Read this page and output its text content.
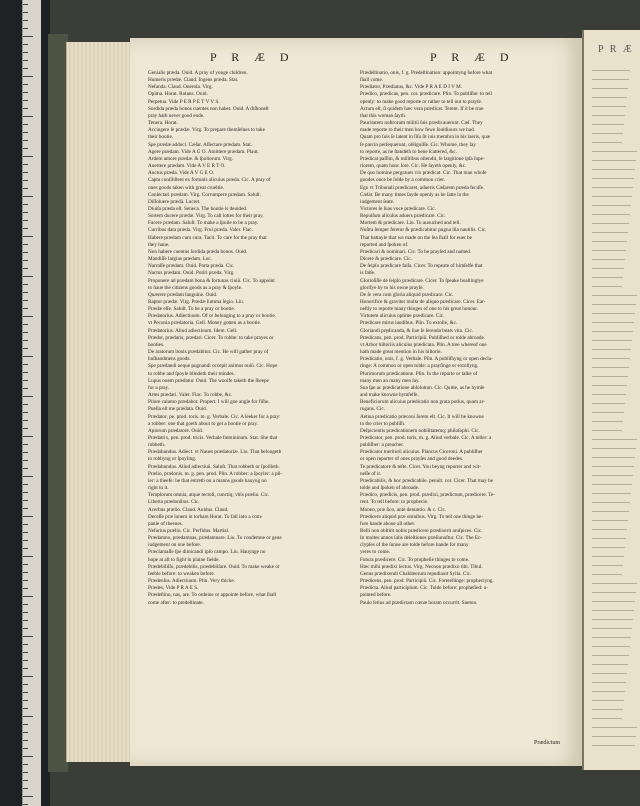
P R Æ D	P R Æ D
Genialis præda. Ouid. A pray of yonge children.
Humeris prædæ. Claud. Ingens præda. Stat.
Nefanda. Claud. Oneroſa. Virg.
Opima. Horat. Rotans. Ouid.
Perpetua. Vide P E R P E T V V S.
Sordida præda bonos cuentes non habet. Ouid. A diſhoneſt
pray hath never good ende.
Tenera. Horat.
Accingere ſe prædæ. Virg. To prepare themſelues to take
their bootie.
Spe prædæ adduci. Cæſar. Aſſectare prædam. Stat.
Agere prædam. Vide A G O. Amittere prædam. Plaut.
Ardere amore prædæ. & ſpoliorum. Virg.
Auertere prædam. Vide A V E R T O.
Auctus præda. Vide A V G E O.
Capta conſiliſtent ex fortunis alicuius præda. Cic. A pray of
ones goods taken with great crueltie.
Conſectari prædam. Virg. Corrumpere prædam. Saluſt.
Diſſoluere prædā. Lucret.
Diuiſa præda eſt. Seneca. The bootie is deuided.
Sortem ducere prædæ. Virg. To caſt lottes for their pray.
Facere prædam. Saluſt. To make a ſpoile to be a pray.
Curribus data præda. Virg. Frui præda. Valer. Flac.
Habere prædam cum cura. Tacit. To care for the pray that
they haue.
Non habere cuentus ſordida præda bonos. Ouid.
Mandiſſe largius prædam. Luc.
Narraſſe prædam. Ouid. Parta præda. Cic.
Nactus prædam. Ouid. Potiri præda. Virg.
Proponere ad prædam bona & fortunas ciuiū. Cic. To appoint
to haue the citizens goods as a pray & ſpoyle.
Quærere prædam ſanguine. Ouid.
Raptor prædæ. Virg. Prædæ ſumma legio. Liu.
Prædæ eſſe. Saluſt. To be a pray or bootie.
Prædatorius. Adiectiuum. Of or belonging to a pray or bootie.
vt Pecunia prædatoria. Gell. Money gotten as a bootie.
Prædatorius. Aliud adiectiuum. Idem. Gell.
Prædor, prædaris, prædari. Cicer. To robbe: to take prayes or
booties.
De aratorum bonis prædabitur. Cic. He will gather pray of
huſbandmens goods.
Spe prædandi neque pugnandi occepit animos ouiū. Cic. Hope
to robbe and ſpoyle blindeth their mindes.
Lupus ouem prædatur. Ouid. The woolfe taketh the ſheepe
for a pray.
Artes prædari. Valer. Flac. To robbe, &c.
Pilore calamo prædabor. Propert. I will goe angle for fiſhe.
Puella eſt me prædata. Ouid.
Prædator, pe. prod. toris. m. g. Verbale. Cic. A ſeeker for a pray:
a robber: one that goeth about to get a bootie or pray.
Apiorum prædatore. Ouid.
Prædatrix, pen. prod. tricis. Verbale fœmininum. Stat. She that
robbeth.
Prædabundus. Adiect. vt Naues prædatoriæ. Liu. That belongeth
to robbyng or ſpoyling.
Prædabundus. Aliud adiectiuū. Saluſt. That robbeth or ſpoilleth.
Prælio, prælonis. m. g. pen. prod. Plin. A robber: a ſpoyler: a pil-
ler: a theefe: he that entreth on a manns goods hauyng no
right to it.
Templorum omnia, atque tectoſi, cunctiq; vbis prælio. Cic.
Liberta prædonibus. Cic.
Acerbus prælio. Claud. Auidus. Claud.
Deceſſe præ lonem in torbam Horat. To fall into a com-
panie of theeues.
Nefarius prælio. Cic. Perfidus. Martial.
Prædamno, prædamnas, prædamnare. Liu. To condemne or geue
iudgement on one before.
Præclamaſſe ſpe dimicandi ipſo campo. Liu. Hauynge no
hope at all to fight in plaine fielde.
Prædebiliſſo, prædebilis, prædebilſare. Ouid. To make weake or
feeble before: to weaken before.
Prædenſus. Adiectiuum. Plin. Very thicke.
Prædes, Vide P R A E S.
Prædeſtino, nas, are. To ordeine or appointe before, what ſhall
come after: to predeſtinate.
Prædeſtinatio, onis, f. g. Predeſtination: appointyng before what
ſhall come.
Prædiator, Prædiatus, &c. Vide P R A E D I V M.
Prædico, prædicas, pen. cor. prædicare. Plin. To publiſhe: to tell
openly: to make good reporte or rather to tell out to prayſe.
Actum eſt, ſi quidem hæc vera prædicat. Terent. If it be true
that this woman ſayth.
Paucitatem noſtrorum militū ſuis prædicauerunt. Cæſ. They
made reporte to their men how fewe ſouldiours we had.
Quam pro ſuis ſe latent in ſiſu ſit inis membra in his laeris, quæ
ſe parcin perſequerunt, obliguiſſe. Cic. Whome, they ſay
to reporte, as he ſtandeth to bene ſcattered, &c.
Prædicat paſſim, & militibus oſtendit, ſe largitione ipſa ſupe-
riorem, quam hunc ſore. Cic. He ſayeth openly, &c.
De quo homine pergraues vix prædicat. Cic. That man whoſe
goodes once be ſolde by a common crier.
Ego vt Tribunali prædicaret, adueris Cæſarem præda fecıſſe.
Cæſar. Be many times ſayde openly as he ſatte in the
iudgement ſeate.
Victores ſe ſuas voce prædicare. Cic.
Repulſum aliculus aduers prædicare. Cic.
Mortem & prædicare. Liu. To auouched and tell.
Noſtra ſemper feretur & prædicabitur pugna illa nautilis. Cic.
That battayle that we made on the ſea ſhall for euer be
reported and ſpoken of.
Prædicari & nominari. Cic. To be prayſed and named.
Dicere & prædicare. Cic.
De ſeipſo prædicare falſa. Cicer. To repeate of himſelfe that
is falſe.
Glorioſiſſe de ſeipſo prædicare. Cicer. To ſpeake boaſtinglye
glorifye by to his owne prayſe.
De ſe vera cum gloria aliquid prædicare. Cic.
Honorifice & graviter multa de aliquo prædicare. Cicer. Ear-
neſtly to reporte many thinges of one to his great honour.
Virtutem alicuius optime prædicare. Cic.
Prædicare mirus laudibus. Plin. To extolle, &c.
Gloriandi prędicanda, & ſuæ ſe ſerenda beats vita. Cic.
Prædicans, pen. prod. Participiū. Publiſhed or tolde abroade.
vt Arbor hiſtoriis alicuius prædicata. Plin. A tree whereof one
hath made great mention in his hiſtorie.
Prædicatio, onis, f. g. Verbale. Plin. A publiſhyng or open decla-
ringe: A common or open tolde: a prayſinge or extollyng.
Plurimorum prædicatione. Plin. In the reporte or talke of
many men an many men ſay.
Sua ſpe ac prædicatione abſolutum. Cic. Quitte, as he hymſe
and make knowne hymſelfe.
Beneficiorum alicuius prædicatio non grata potius, quam ar-
rogans. Cic.
Aetiua prædicatio præconi ſorem eſt. Cic. It will be knowne
to the crier to publiſh.
Deſpicientis prædicationem nobilitatemq; philoſophi. Cic.
Prædicator, pen. prod. toris, m. g. Aliud verbale. Cic. A teller: a
publiſher: a preacher.
Prædicator meritorū alicuius. Plancus Ciceroni. A publiſher
or open reporter of ones prayſes and good deedes.
Te prædicatore & teſte. Cicer. You beyng reporter and wit-
neſſe of it.
Prædicabilis, & hoc prædicabile. penult. cor. Cicer. That may be
tolde and ſpoken of abroade.
Prædico, prædicis, pen. prod. prædixi, prædictum, prædicere. Te-
rent. To tell before: to prophecie.
Moneo, præ ſico, ante denuntio. & c. Cic.
Prædicere aliquid præ omnibus. Virg. To tell one thinge be-
fore hande aboue all other.
Belli non obſtitit nobis prædicere prædixerit aruſpices. Cic.
In moltes annos ſalis deleſtiones præſiunuſtur. Cic. The Ec-
clypſes of the ſunne are tolde before hande for many
yeres to come.
Futura prædicere. Cic. To propheſie thinges to come.
Hæc mihi prædixi lectus. Virg. Necnon prædixo tibi. Tibul.
Genus prædixendi Chaldæorum repudiauit Sylla. Cic.
Prædicens, pen. prod. Participiū. Cic. Foretellinge: propheciyng.
Prædicta. Aliud participium. Cic. Tolde before: propheſied: a-
pointed before.
Paulo ſetius ad prædictam cœnæ horam occurrit. Sueton.
Prædictum
P R Æ
